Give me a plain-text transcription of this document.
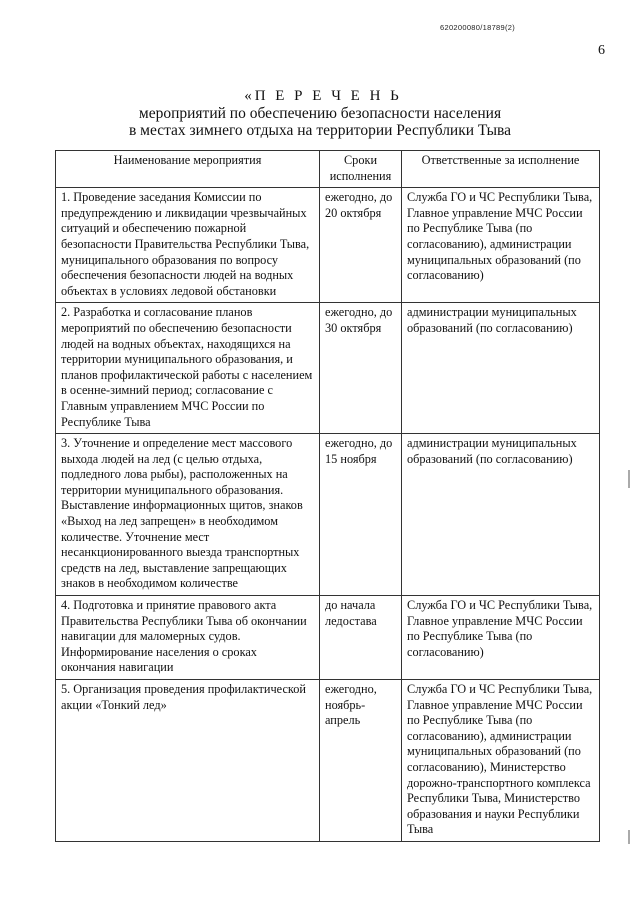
620200080/18789(2)
6
«П Е Р Е Ч Е Н Ь
мероприятий по обеспечению безопасности населения
в местах зимнего отдыха на территории Республики Тыва
Наименование мероприятия	Сроки исполнения	Ответственные за исполнение
1. Проведение заседания Комиссии по предупреждению и ликвидации чрезвычайных ситуаций и обеспечению пожарной безопасности Правительства Республики Тыва, муниципального образования по вопросу обеспечения безопасности людей на водных объектах в условиях ледовой обстановки	ежегодно, до 20 октября	Служба ГО и ЧС Республики Тыва, Главное управление МЧС России по Республике Тыва (по согласованию), администрации муниципальных образований (по согласованию)
2. Разработка и согласование планов мероприятий по обеспечению безопасности людей на водных объектах, находящихся на территории муниципального образования, и планов профилактической работы с населением в осенне-зимний период; согласование с Главным управлением МЧС России по Республике Тыва	ежегодно, до 30 октября	администрации муниципальных образований (по согласованию)
3. Уточнение и определение мест массового выхода людей на лед (с целью отдыха, подледного лова рыбы), расположенных на территории муниципального образования. Выставление информационных щитов, знаков «Выход на лед запрещен» в необходимом количестве. Уточнение мест несанкционированного выезда транспортных средств на лед, выставление запрещающих знаков в необходимом количестве	ежегодно, до 15 ноября	администрации муниципальных образований (по согласованию)
4. Подготовка и принятие правового акта Правительства Республики Тыва об окончании навигации для маломерных судов. Информирование населения о сроках окончания навигации	до начала ледостава	Служба ГО и ЧС Республики Тыва, Главное управление МЧС России по Республике Тыва (по согласованию)
5. Организация проведения профилактической акции «Тонкий лед»	ежегодно, ноябрь-апрель	Служба ГО и ЧС Республики Тыва, Главное управление МЧС России по Республике Тыва (по согласованию), администрации муниципальных образований (по согласованию), Министерство дорожно-транспортного комплекса Республики Тыва, Министерство образования и науки Республики Тыва
